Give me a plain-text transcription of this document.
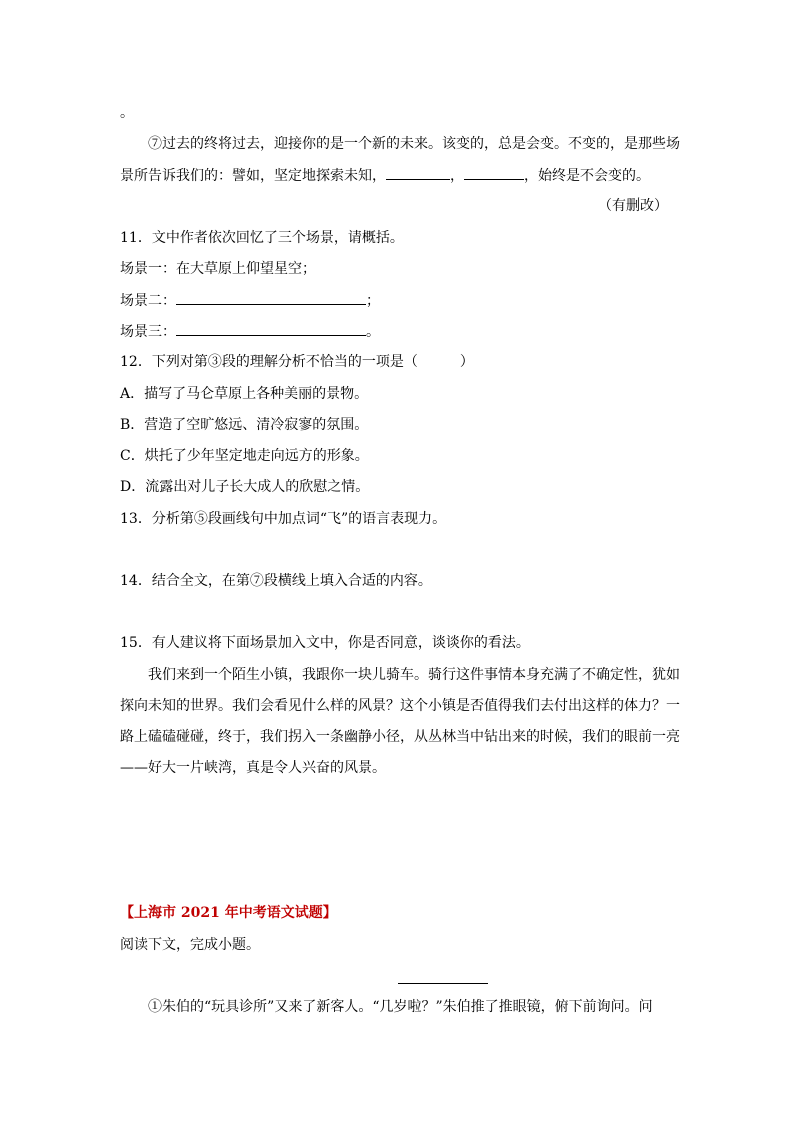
。
⑦过去的终将过去，迎接你的是一个新的未来。该变的，总是会变。不变的，是那些场
景所告诉我们的：譬如，坚定地探索未知，	，	，始终是不会变的。
（有删改）
11．文中作者依次回忆了三个场景，请概括。
场景一：在大草原上仰望星空；
场景二：	；
场景三：	。
12．下列对第③段的理解分析不恰当的一项是（　　　）
A．描写了马仑草原上各种美丽的景物。
B．营造了空旷悠远、清冷寂寥的氛围。
C．烘托了少年坚定地走向远方的形象。
D．流露出对儿子长大成人的欣慰之情。
13．分析第⑤段画线句中加点词“飞”的语言表现力。
14．结合全文，在第⑦段横线上填入合适的内容。
15．有人建议将下面场景加入文中，你是否同意，谈谈你的看法。
我们来到一个陌生小镇，我跟你一块儿骑车。骑行这件事情本身充满了不确定性，犹如
探向未知的世界。我们会看见什么样的风景？这个小镇是否值得我们去付出这样的体力？一
路上磕磕碰碰，终于，我们拐入一条幽静小径，从丛林当中钻出来的时候，我们的眼前一亮
——好大一片峡湾，真是令人兴奋的风景。
【上海市 2021 年中考语文试题】
阅读下文，完成小题。
①朱伯的“玩具诊所”又来了新客人。“几岁啦？”朱伯推了推眼镜，俯下前询问。问
